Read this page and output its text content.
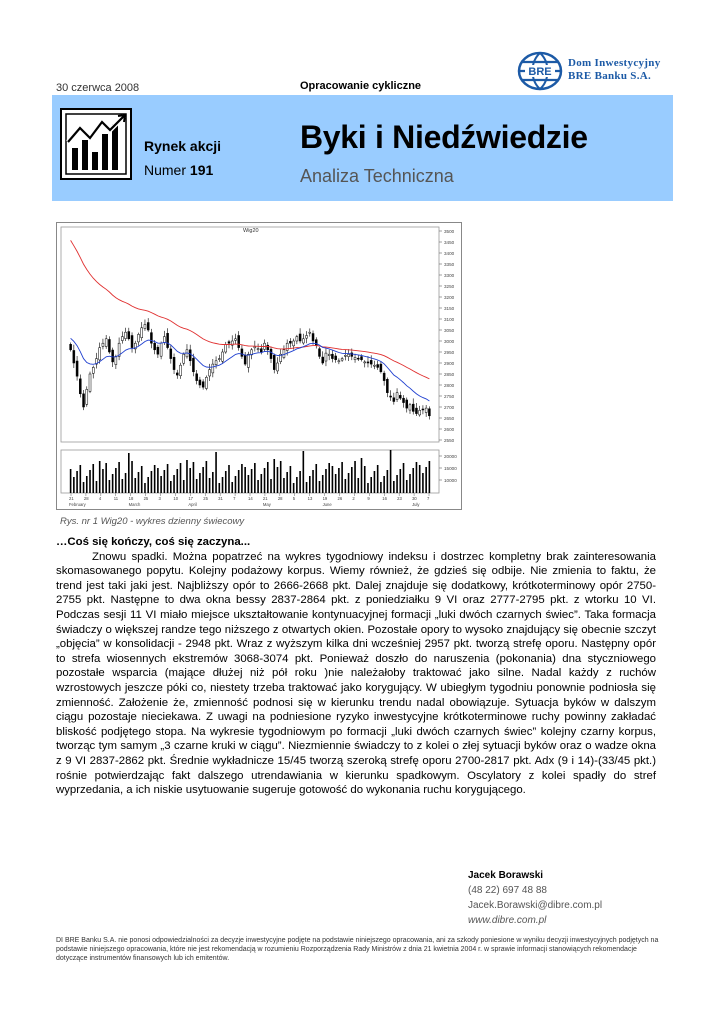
30 czerwca 2008	Opracowanie cykliczne
BRE
Dom Inwestycyjny
BRE Banku S.A.
Rynek akcji
Numer 191
Byki i Niedźwiedzie
Analiza Techniczna
Wig20	3500
3450
3400
3350
3300
3250
3200
3150
3100
3050
3000
2950
2900
2850
2800
2750
2700
2650
2600
2550
20000
15000
10000
21 28 4	11	18 25 3	10 17 25 31 7	14 21 28 5	13 19 26 2	9	16 23 30 7
February	March	April	May	June	July
Rys. nr 1 Wig20 - wykres dzienny świecowy
…Coś się kończy, coś się zaczyna...
Znowu spadki. Można popatrzeć na wykres tygodniowy indeksu i dostrzec kompletny brak zainteresowania skomasowanego popytu. Kolejny podażowy korpus. Wiemy również, że gdzieś się odbije. Nie zmienia to faktu, że trend jest taki jaki jest. Najbliższy opór to 2666-2668 pkt. Dalej znajduje się dodatkowy, krótkoterminowy opór 2750-2755 pkt. Następne to dwa okna bessy 2837-2864 pkt. z poniedziałku 9 VI oraz 2777-2795 pkt. z wtorku 10 VI. Podczas sesji 11 VI miało miejsce ukształtowanie kontynuacyjnej formacji „luki dwóch czarnych świec”. Taka formacja świadczy o większej randze tego niższego z otwartych okien. Pozostałe opory to wysoko znajdujący się obecnie szczyt „objęcia” w konsolidacji - 2948 pkt. Wraz z wyższym kilka dni wcześniej 2957 pkt. tworzą strefę oporu. Następny opór to strefa wiosennych ekstremów 3068-3074 pkt. Ponieważ doszło do naruszenia (pokonania) dna styczniowego pozostałe wsparcia (mające dłużej niż pół roku )nie należałoby traktować jako silne. Nadal każdy z ruchów wzrostowych jeszcze póki co, niestety trzeba traktować jako korygujący. W ubiegłym tygodniu ponownie podniosła się zmienność. Założenie że, zmienność podnosi się w kierunku trendu nadal obowiązuje. Sytuacja byków w dalszym ciągu pozostaje nieciekawa. Z uwagi na podniesione ryzyko inwestycyjne krótkoterminowe ruchy powinny zakładać bliskość podjętego stopa. Na wykresie tygodniowym po formacji „luki dwóch czarnych świec” kolejny czarny korpus, tworząc tym samym „3 czarne kruki w ciągu”. Niezmiennie świadczy to z kolei o złej sytuacji byków oraz o wadze okna z 9 VI 2837-2862 pkt. Średnie wykładnicze 15/45 tworzą szeroką strefę oporu 2700-2817 pkt. Adx (9 i 14)-(33/45 pkt.) rośnie potwierdzając fakt dalszego utrendawiania w kierunku spadkowym. Oscylatory z kolei spadły do stref wyprzedania, a ich niskie usytuowanie sugeruje gotowość do wykonania ruchu korygującego.
Jacek Borawski
(48 22) 697 48 88
Jacek.Borawski@dibre.com.pl
www.dibre.com.pl
DI BRE Banku S.A. nie ponosi odpowiedzialności za decyzje inwestycyjne podjęte na podstawie niniejszego opracowania, ani za szkody poniesione w wyniku decyzji inwestycyjnych podjętych na podstawie niniejszego opracowania, które nie jest rekomendacją w rozumieniu Rozporządzenia Rady Ministrów z dnia 21 kwietnia 2004 r. w sprawie informacji stanowiących rekomendacje dotyczące instrumentów finansowych lub ich emitentów.
